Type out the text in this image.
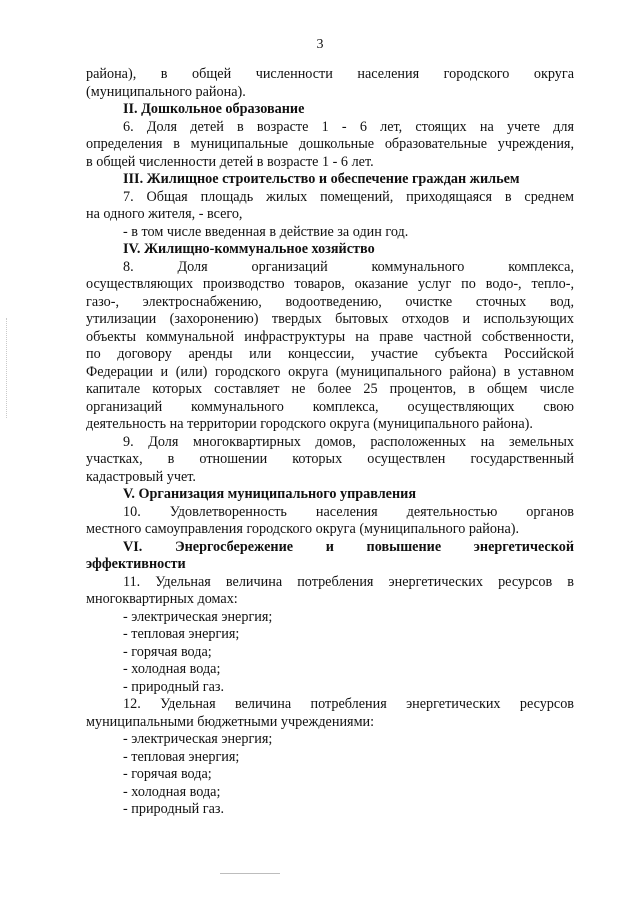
3

района), в общей численности населения городского округа

(муниципального района).

II. Дошкольное образование

6. Доля детей в возрасте 1 - 6 лет, стоящих на учете для

определения в муниципальные дошкольные образовательные учреждения,

в общей численности детей в возрасте 1 - 6 лет.

III. Жилищное строительство и обеспечение граждан жильем

7. Общая площадь жилых помещений, приходящаяся в среднем

на одного жителя, - всего,

- в том числе введенная в действие за один год.

IV. Жилищно-коммунальное хозяйство

8. Доля организаций коммунального комплекса,

осуществляющих производство товаров, оказание услуг по водо-, тепло-,

газо-, электроснабжению, водоотведению, очистке сточных вод,

утилизации (захоронению) твердых бытовых отходов и использующих

объекты коммунальной инфраструктуры на праве частной собственности,

по договору аренды или концессии, участие субъекта Российской

Федерации и (или) городского округа (муниципального района) в уставном

капитале которых составляет не более 25 процентов, в общем числе

организаций коммунального комплекса, осуществляющих свою

деятельность на территории городского округа (муниципального района).

9. Доля многоквартирных домов, расположенных на земельных

участках, в отношении которых осуществлен государственный

кадастровый учет.

V. Организация муниципального управления

10. Удовлетворенность населения деятельностью органов

местного самоуправления городского округа (муниципального района).

VI. Энергосбережение и повышение энергетической

эффективности

11. Удельная величина потребления энергетических ресурсов в

многоквартирных домах:

- электрическая энергия;

- тепловая энергия;

- горячая вода;

- холодная вода;

- природный газ.

12. Удельная величина потребления энергетических ресурсов

муниципальными бюджетными учреждениями:

- электрическая энергия;

- тепловая энергия;

- горячая вода;

- холодная вода;

- природный газ.
